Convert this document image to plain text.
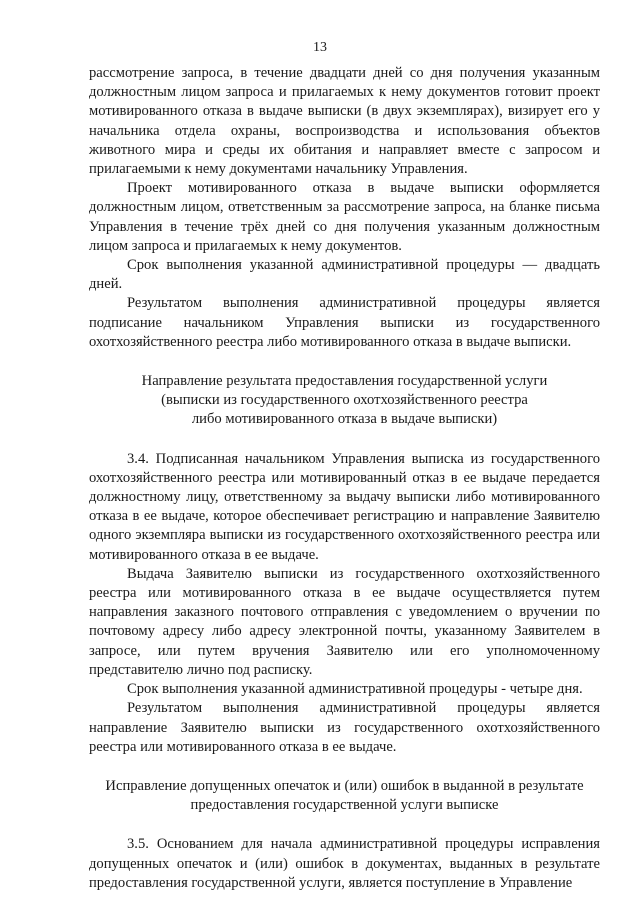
13

рассмотрение запроса, в течение двадцати дней со дня получения указанным должностным лицом запроса и прилагаемых к нему документов готовит проект мотивированного отказа в выдаче выписки (в двух экземплярах), визирует его у начальника отдела охраны, воспроизводства и использования объектов животного мира и среды их обитания и направляет вместе с запросом и прилагаемыми к нему документами начальнику Управления.

Проект мотивированного отказа в выдаче выписки оформляется должностным лицом, ответственным за рассмотрение запроса, на бланке письма Управления в течение трёх дней со дня получения указанным должностным лицом запроса и прилагаемых к нему документов.

Срок выполнения указанной административной процедуры — двадцать дней.

Результатом выполнения административной процедуры является подписание начальником Управления выписки из государственного охотхозяйственного реестра либо мотивированного отказа в выдаче выписки.

Направление результата предоставления государственной услуги
(выписки из государственного охотхозяйственного реестра
либо мотивированного отказа в выдаче выписки)

3.4. Подписанная начальником Управления выписка из государственного охотхозяйственного реестра или мотивированный отказ в ее выдаче передается должностному лицу, ответственному за выдачу выписки либо мотивированного отказа в ее выдаче, которое обеспечивает регистрацию и направление Заявителю одного экземпляра выписки из государственного охотхозяйственного реестра или мотивированного отказа в ее выдаче.

Выдача Заявителю выписки из государственного охотхозяйственного реестра или мотивированного отказа в ее выдаче осуществляется путем направления заказного почтового отправления с уведомлением о вручении по почтовому адресу либо адресу электронной почты, указанному Заявителем в запросе, или путем вручения Заявителю или его уполномоченному представителю лично под расписку.

Срок выполнения указанной административной процедуры - четыре дня.

Результатом выполнения административной процедуры является направление Заявителю выписки из государственного охотхозяйственного реестра или мотивированного отказа в ее выдаче.

Исправление допущенных опечаток и (или) ошибок в выданной в результате
предоставления государственной услуги выписке

3.5. Основанием для начала административной процедуры исправления допущенных опечаток и (или) ошибок в документах, выданных в результате предоставления государственной услуги, является поступление в Управление
